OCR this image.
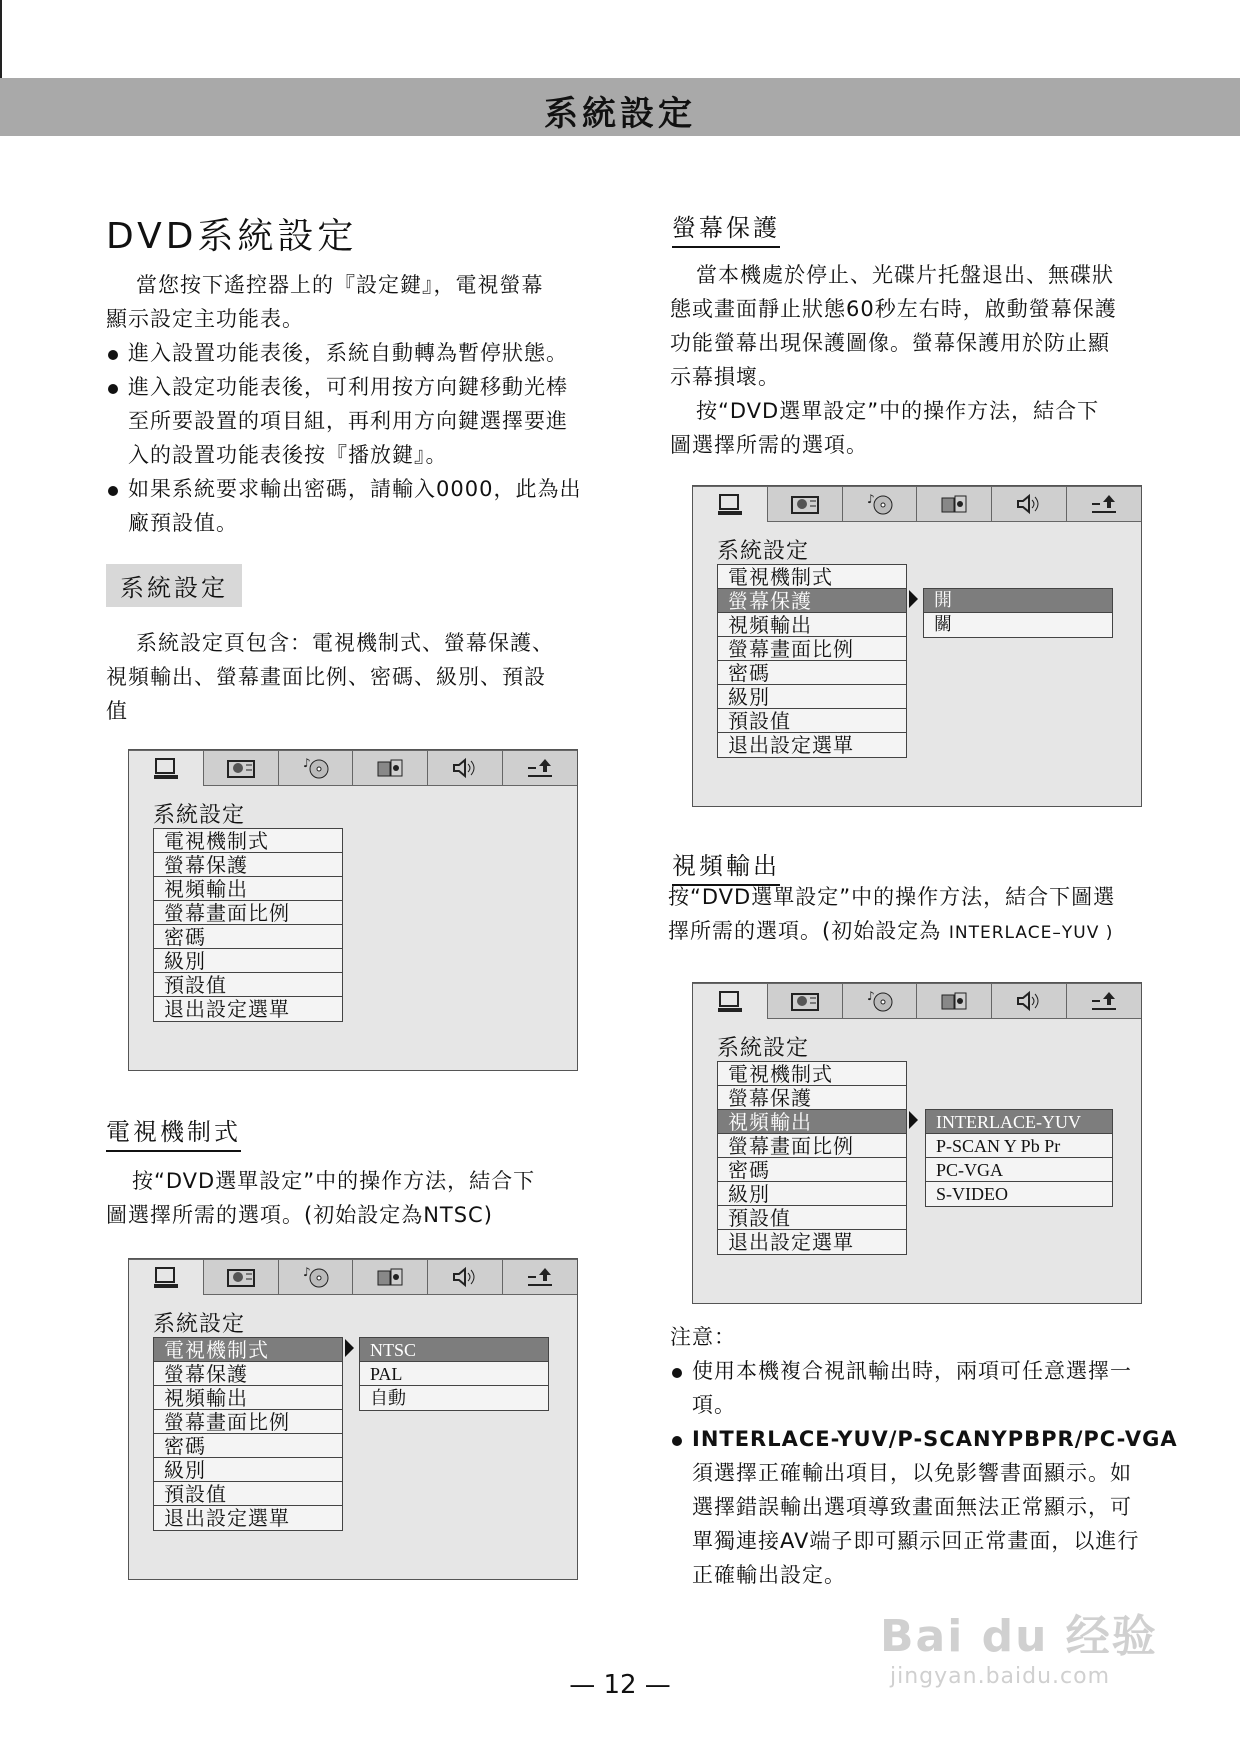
系統設定
DVD系統設定

當您按下遙控器上的『設定鍵』，電視螢幕

顯示設定主功能表。

進入設置功能表後，系統自動轉為暫停狀態。

進入設定功能表後，可利用按方向鍵移動光棒

至所要設置的項目組，再利用方向鍵選擇要進

入的設置功能表後按『播放鍵』。

如果系統要求輸出密碼，請輸入0000，此為出

廠預設值。

系統設定

系統設定頁包含：電視機制式、螢幕保護、

視頻輸出、螢幕畫面比例、密碼、級別、預設

值

♪
系統設定
電視機制式
螢幕保護
視頻輸出
螢幕畫面比例
密碼
級別
預設值
退出設定選單
電視機制式

按“DVD選單設定”中的操作方法，結合下

圖選擇所需的選項。(初始設定為NTSC)

♪
系統設定
電視機制式
螢幕保護
視頻輸出
螢幕畫面比例
密碼
級別
預設值
退出設定選單
NTSC
PAL
自動
螢幕保護

當本機處於停止、光碟片托盤退出、無碟狀

態或畫面靜止狀態60秒左右時，啟動螢幕保護

功能螢幕出現保護圖像。螢幕保護用於防止顯

示幕損壞。

按“DVD選單設定”中的操作方法，結合下

圖選擇所需的選項。

♪
系統設定
電視機制式
螢幕保護
視頻輸出
螢幕畫面比例
密碼
級別
預設值
退出設定選單
開
關
視頻輸出

按“DVD選單設定”中的操作方法，結合下圖選

擇所需的選項。(初始設定為 INTERLACE–YUV )

♪
系統設定
電視機制式
螢幕保護
視頻輸出
螢幕畫面比例
密碼
級別
預設值
退出設定選單
INTERLACE-YUV
P-SCAN Y Pb Pr
PC-VGA
S-VIDEO

注意：

使用本機複合視訊輸出時，兩項可任意選擇一

項。

INTERLACE-YUV/P-SCANYPBPR/PC-VGA

須選擇正確輸出項目，以免影響書面顯示。如

選擇錯誤輸出選項導致畫面無法正常顯示，可

單獨連接AV端子即可顯示回正常畫面，以進行

正確輸出設定。

Bai du 经验
jingyan.baidu.com
— 12 —
